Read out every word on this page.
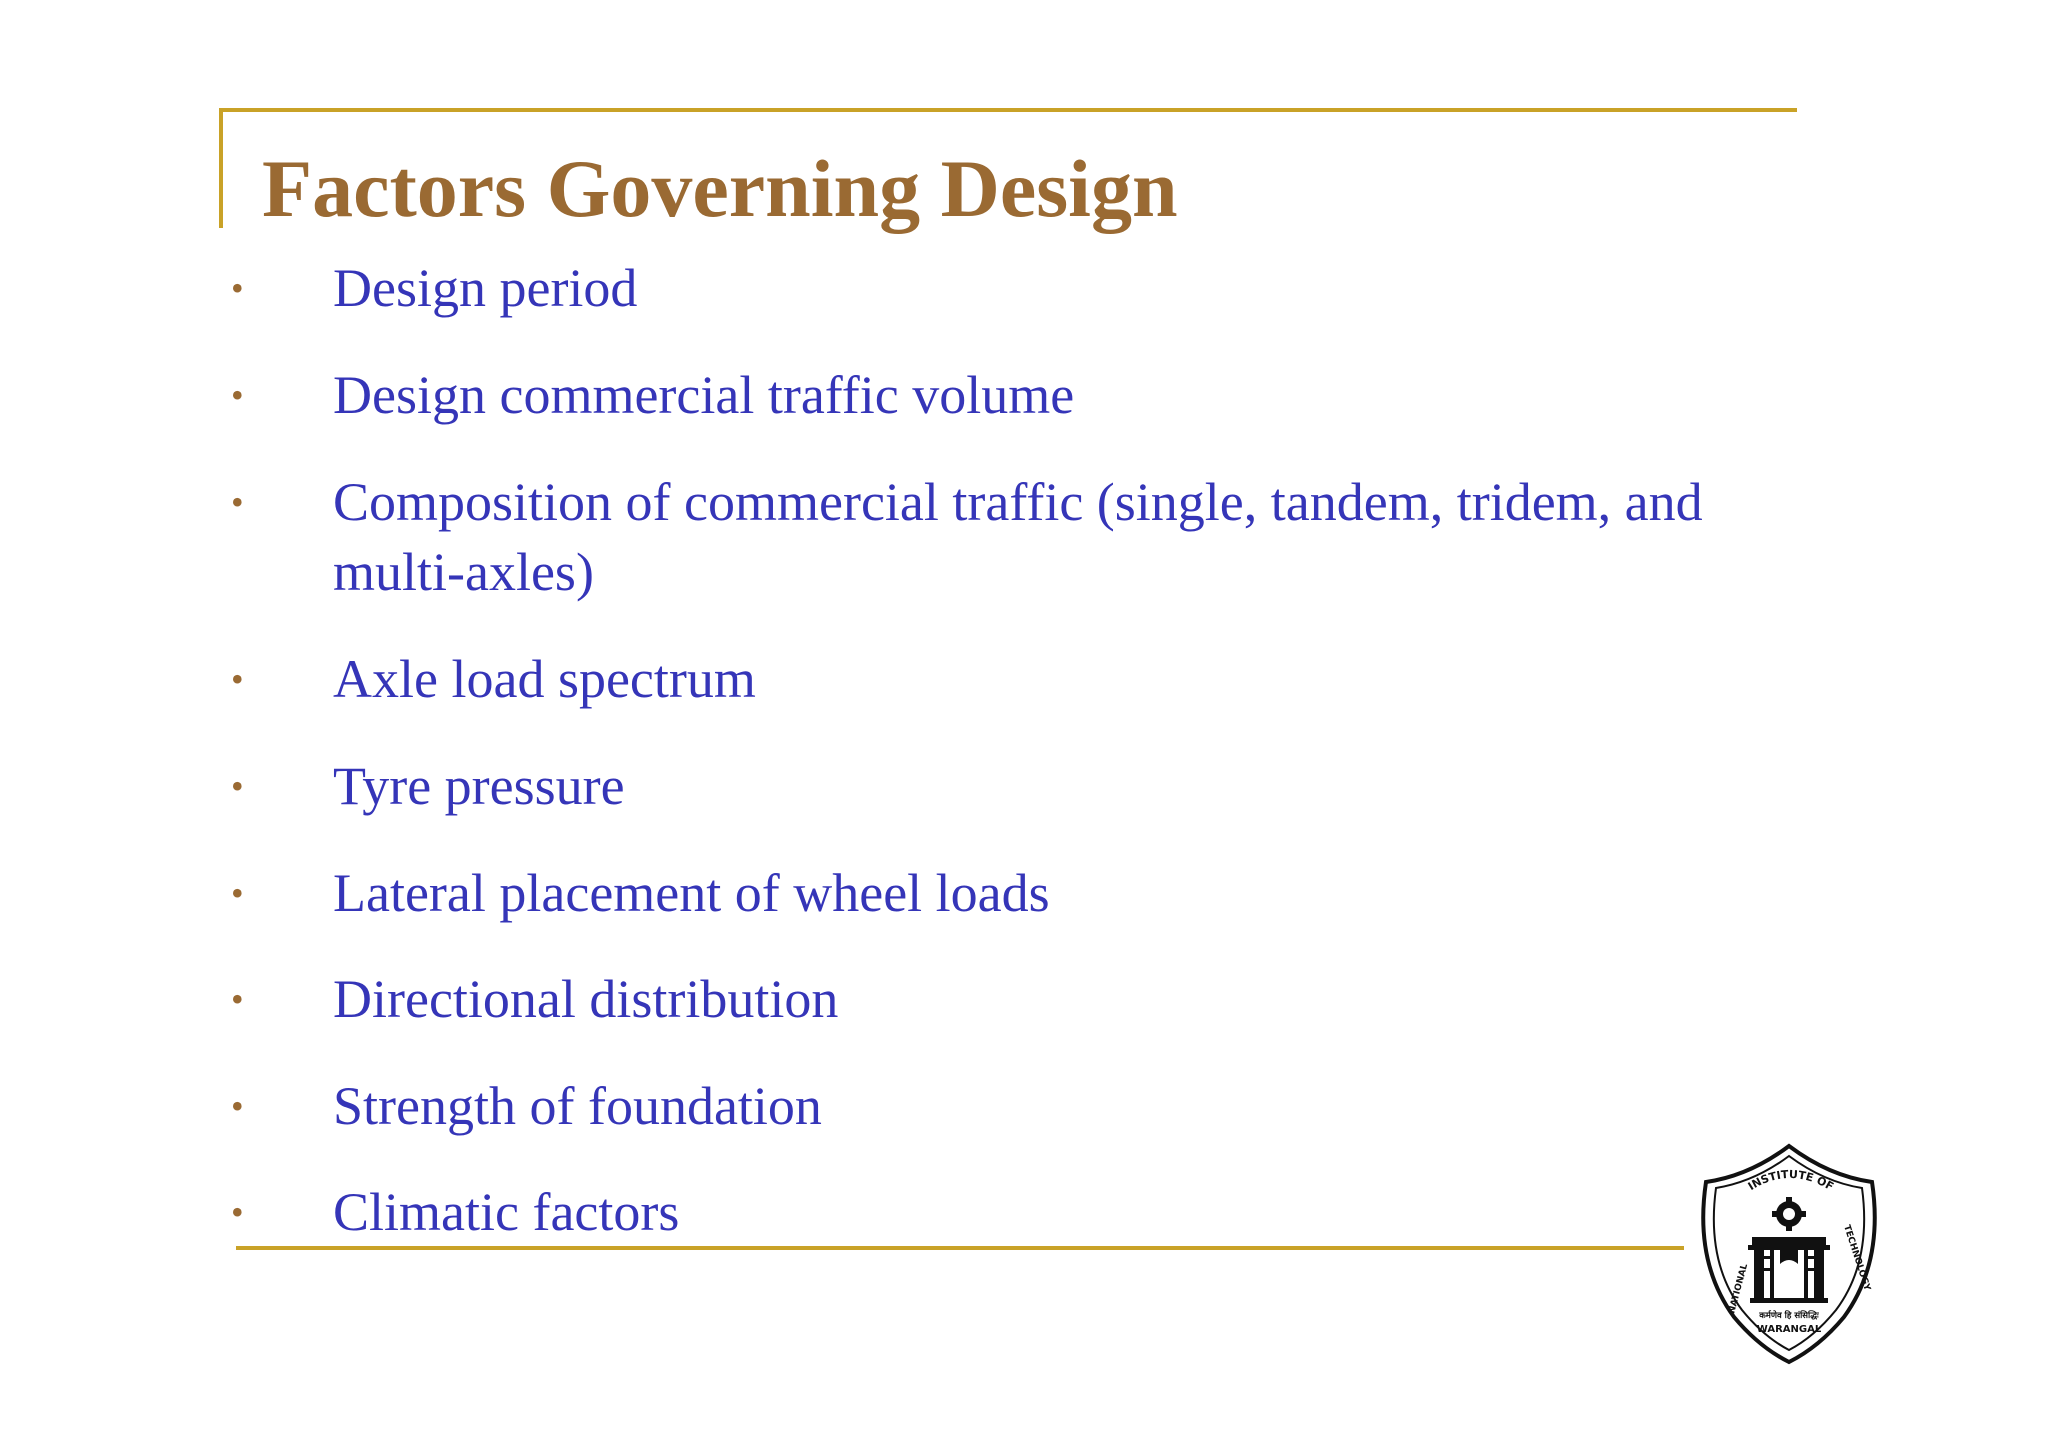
Factors Governing Design
• Design period
• Design commercial traffic volume
• Composition of commercial traffic (single, tandem, tridem, and multi-axles)
• Axle load spectrum
• Tyre pressure
• Lateral placement of wheel loads
• Directional distribution
• Strength of foundation
• Climatic factors	INSTITUTE OF
NATIONAL	TECHNOLOGY
कर्मणेव हि संसिद्धिः
WARANGAL
